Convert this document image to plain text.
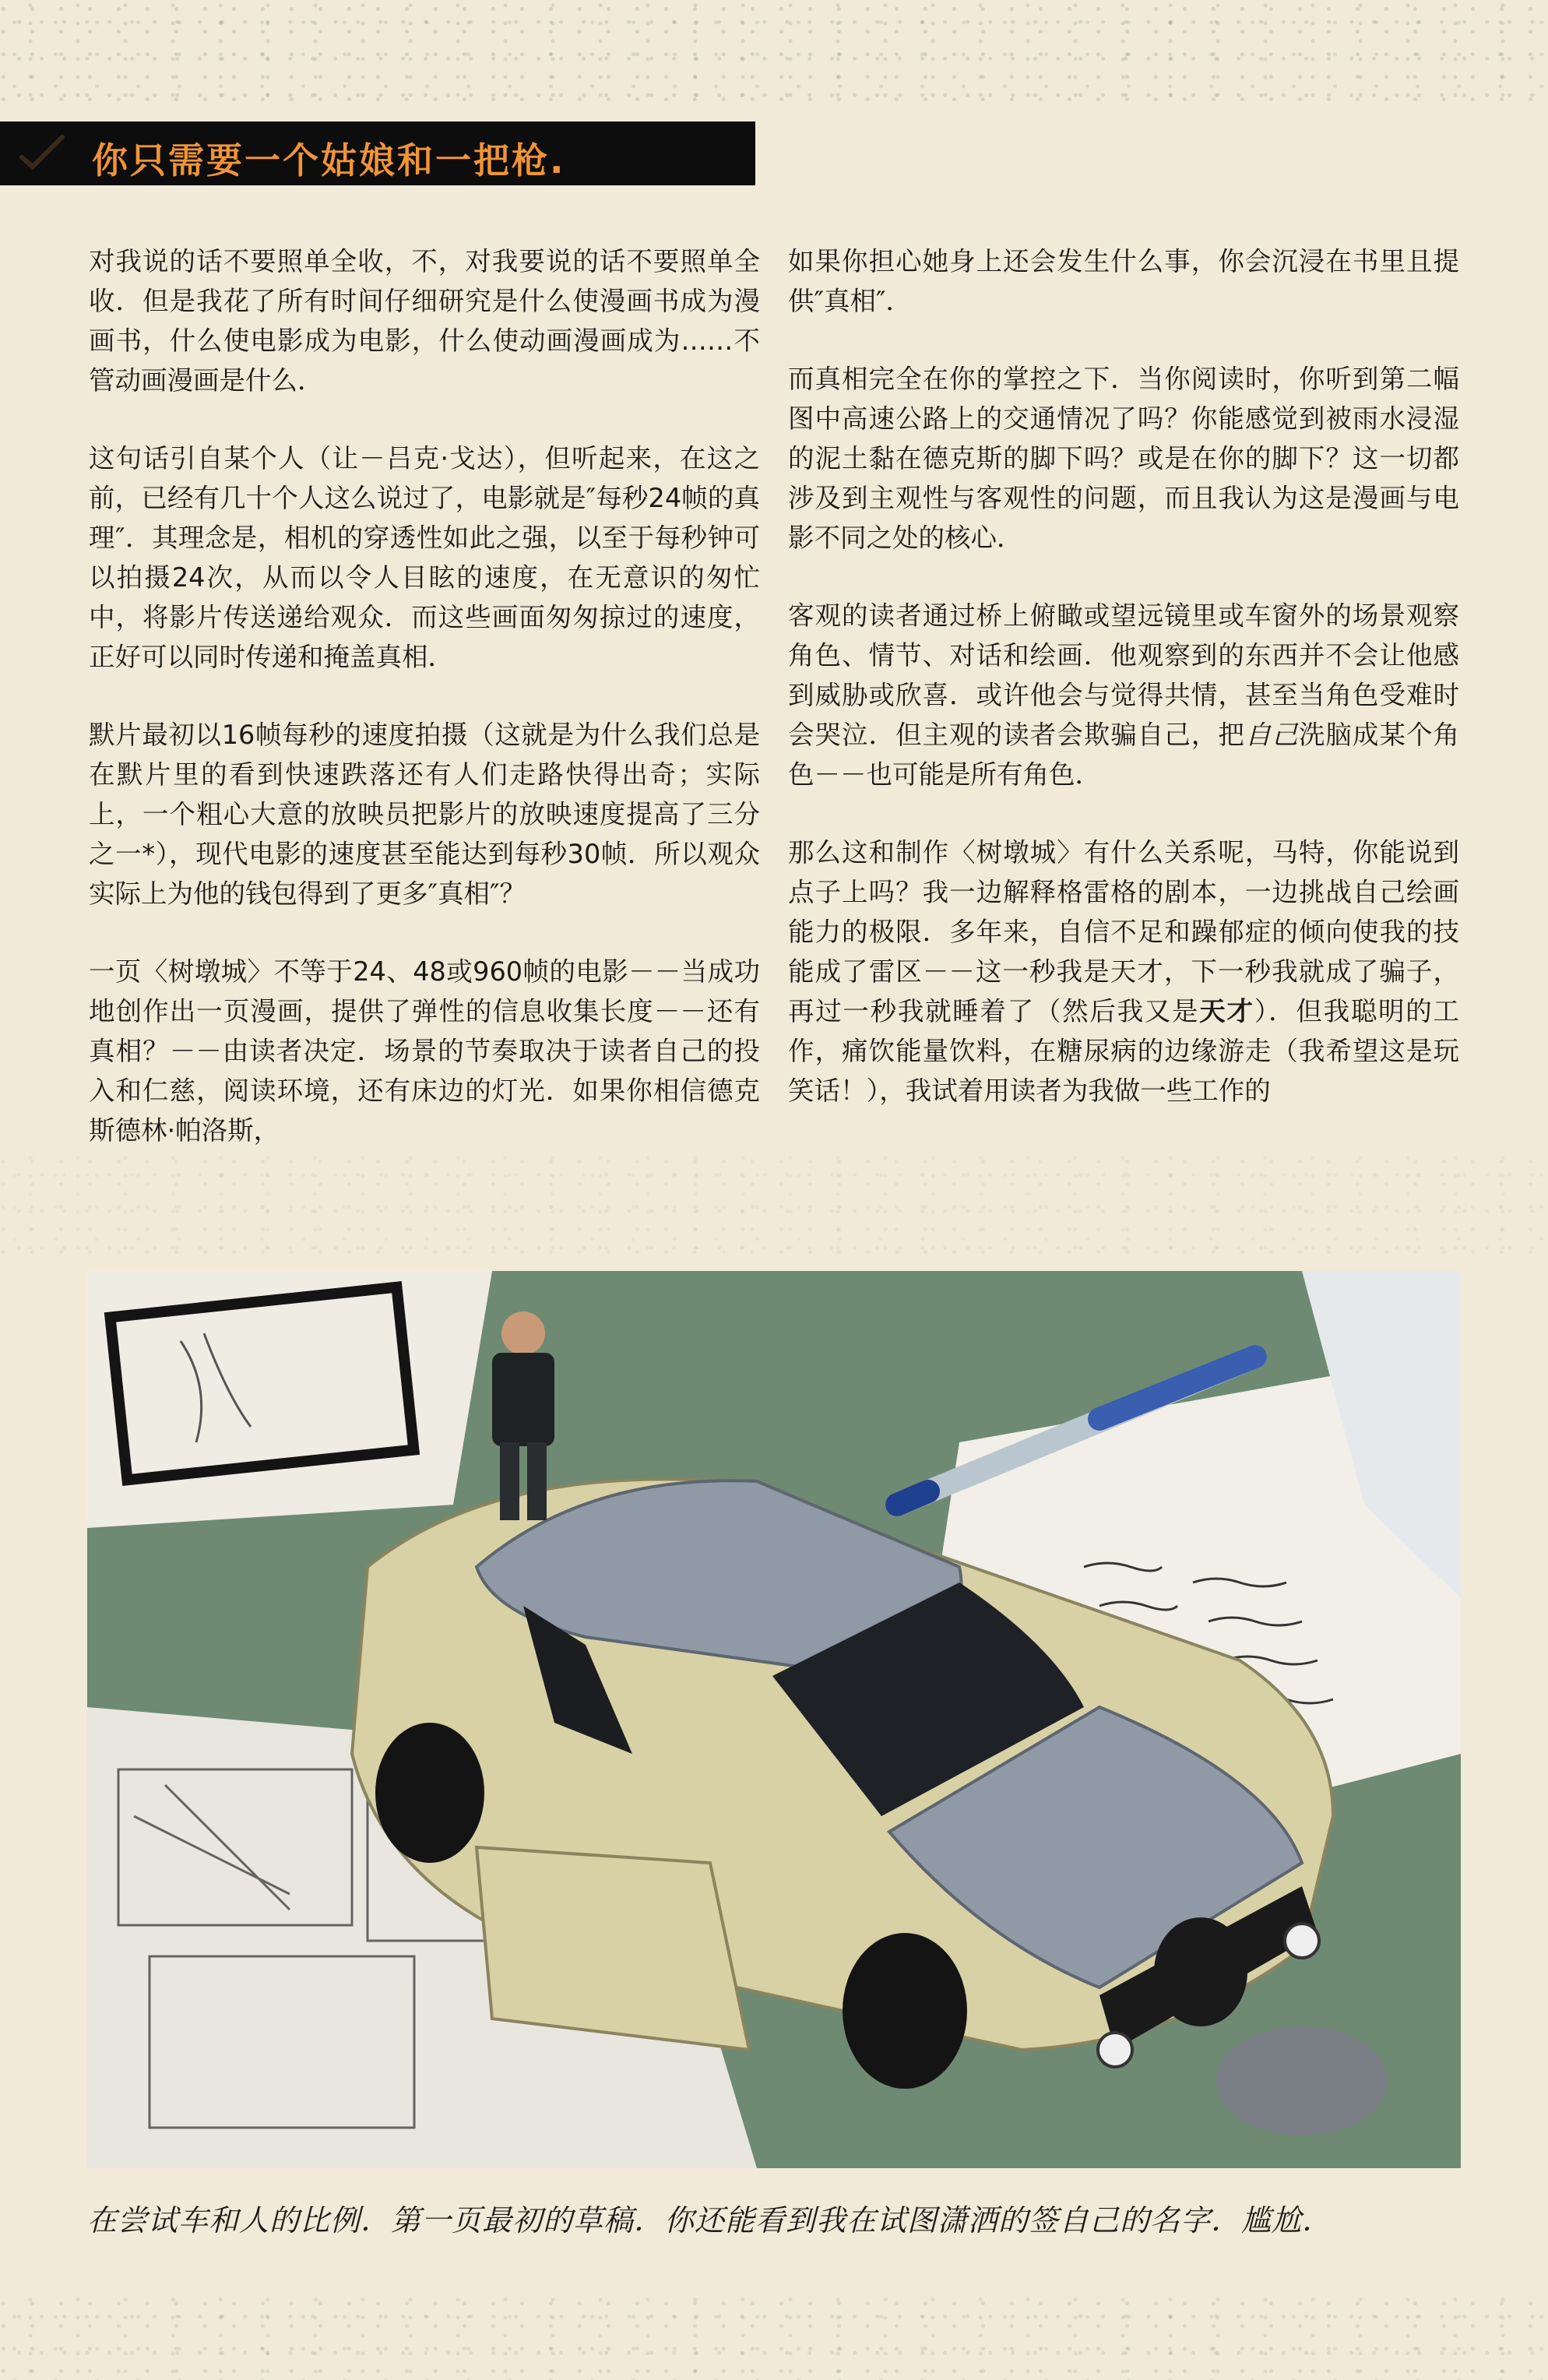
你只需要一个姑娘和一把枪.

对我说的话不要照单全收，不，对我要说的话不要照单全收．但是我花了所有时间仔细研究是什么使漫画书成为漫画书，什么使电影成为电影，什么使动画漫画成为……不管动画漫画是什么．

这句话引自某个人（让－吕克·戈达），但听起来，在这之前，已经有几十个人这么说过了，电影就是″每秒24帧的真理″．其理念是，相机的穿透性如此之强，以至于每秒钟可以拍摄24次，从而以令人目眩的速度，在无意识的匆忙中，将影片传送递给观众．而这些画面匆匆掠过的速度，正好可以同时传递和掩盖真相．

默片最初以16帧每秒的速度拍摄（这就是为什么我们总是在默片里的看到快速跌落还有人们走路快得出奇；实际上，一个粗心大意的放映员把影片的放映速度提高了三分之一*），现代电影的速度甚至能达到每秒30帧．所以观众实际上为他的钱包得到了更多″真相″？

一页〈树墩城〉不等于24、48或960帧的电影－－当成功地创作出一页漫画，提供了弹性的信息收集长度－－还有真相？－－由读者决定．场景的节奏取决于读者自己的投入和仁慈，阅读环境，还有床边的灯光．如果你相信德克斯德林·帕洛斯，

如果你担心她身上还会发生什么事，你会沉浸在书里且提供″真相″．

而真相完全在你的掌控之下．当你阅读时，你听到第二幅图中高速公路上的交通情况了吗？你能感觉到被雨水浸湿的泥土黏在德克斯的脚下吗？或是在你的脚下？这一切都涉及到主观性与客观性的问题，而且我认为这是漫画与电影不同之处的核心．

客观的读者通过桥上俯瞰或望远镜里或车窗外的场景观察角色、情节、对话和绘画．他观察到的东西并不会让他感到威胁或欣喜．或许他会与觉得共情，甚至当角色受难时会哭泣．但主观的读者会欺骗自己，把自己洗脑成某个角色－－也可能是所有角色．

那么这和制作〈树墩城〉有什么关系呢，马特，你能说到点子上吗？我一边解释格雷格的剧本，一边挑战自己绘画能力的极限．多年来，自信不足和躁郁症的倾向使我的技能成了雷区－－这一秒我是天才，下一秒我就成了骗子，再过一秒我就睡着了（然后我又是天才）．但我聪明的工作，痛饮能量饮料，在糖尿病的边缘游走（我希望这是玩笑话！），我试着用读者为我做一些工作的

在尝试车和人的比例．第一页最初的草稿．你还能看到我在试图潇洒的签自己的名字．尴尬．
